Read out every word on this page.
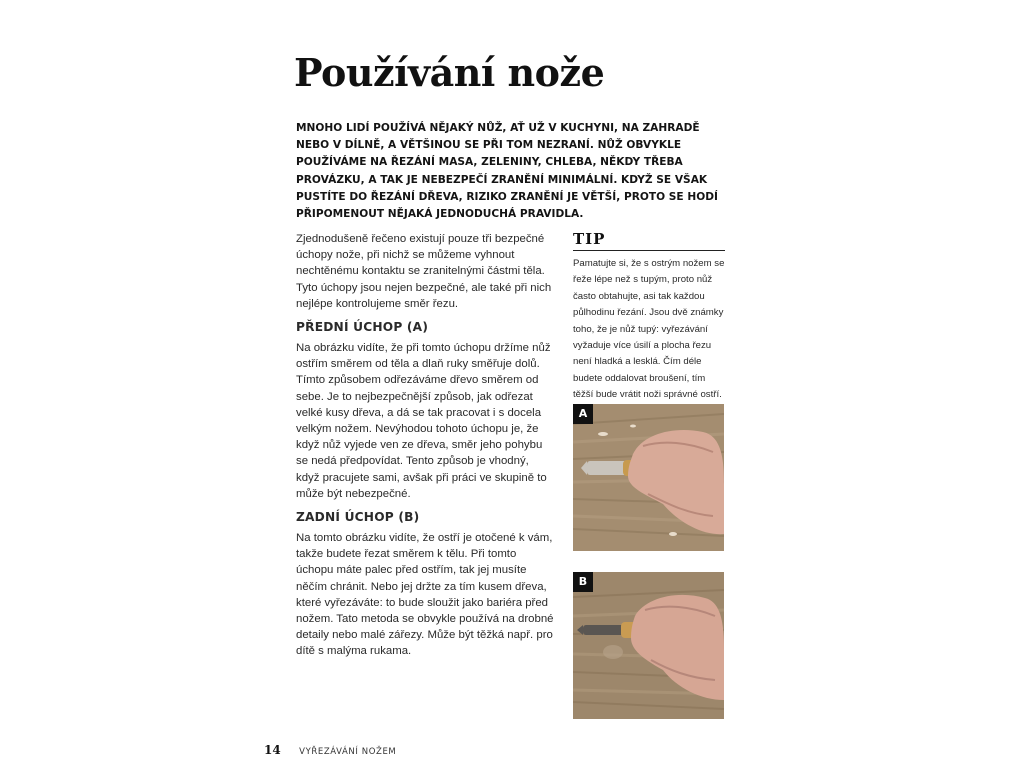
Používání nože

MNOHO LIDÍ POUŽÍVÁ NĚJAKÝ NŮŽ, AŤ UŽ V KUCHYNI, NA ZAHRADĚ NEBO V DÍLNĚ, A VĚTŠINOU SE PŘI TOM NEZRANÍ. NŮŽ OBVYKLE POUŽÍVÁME NA ŘEZÁNÍ MASA, ZELENINY, CHLEBA, NĚKDY TŘEBA PROVÁZKU, A TAK JE NEBEZPEČÍ ZRANĚNÍ MINIMÁLNÍ. KDYŽ SE VŠAK PUSTÍTE DO ŘEZÁNÍ DŘEVA, RIZIKO ZRANĚNÍ JE VĚTŠÍ, PROTO SE HODÍ PŘIPOMENOUT NĚJAKÁ JEDNODUCHÁ PRAVIDLA.

Zjednodušeně řečeno existují pouze tři bezpečné úchopy nože, při nichž se můžeme vyhnout nechtěnému kontaktu se zranitelnými částmi těla. Tyto úchopy jsou nejen bezpečné, ale také při nich nejlépe kontrolujeme směr řezu.

PŘEDNÍ ÚCHOP (A)

Na obrázku vidíte, že při tomto úchopu držíme nůž ostřím směrem od těla a dlaň ruky směřuje dolů. Tímto způsobem odřezáváme dřevo směrem od sebe. Je to nejbezpečnější způsob, jak odřezat velké kusy dřeva, a dá se tak pracovat i s docela velkým nožem. Nevýhodou tohoto úchopu je, že když nůž vyjede ven ze dřeva, směr jeho pohybu se nedá předpovídat. Tento způsob je vhodný, když pracujete sami, avšak při práci ve skupině to může být nebezpečné.

ZADNÍ ÚCHOP (B)

Na tomto obrázku vidíte, že ostří je otočené k vám, takže budete řezat směrem k tělu. Při tomto úchopu máte palec před ostřím, tak jej musíte něčím chránit. Nebo jej držte za tím kusem dřeva, které vyřezáváte: to bude sloužit jako bariéra před nožem. Tato metoda se obvykle používá na drobné detaily nebo malé zářezy. Může být těžká např. pro dítě s malýma rukama.

TIP

Pamatujte si, že s ostrým nožem se řeže lépe než s tupým, proto nůž často obtahujte, asi tak každou půlhodinu řezání. Jsou dvě známky toho, že je nůž tupý: vyřezávání vyžaduje více úsilí a plocha řezu není hladká a lesklá. Čím déle budete oddalovat broušení, tím těžší bude vrátit noži správné ostří.

A
B
14 VYŘEZÁVÁNÍ NOŽEM
